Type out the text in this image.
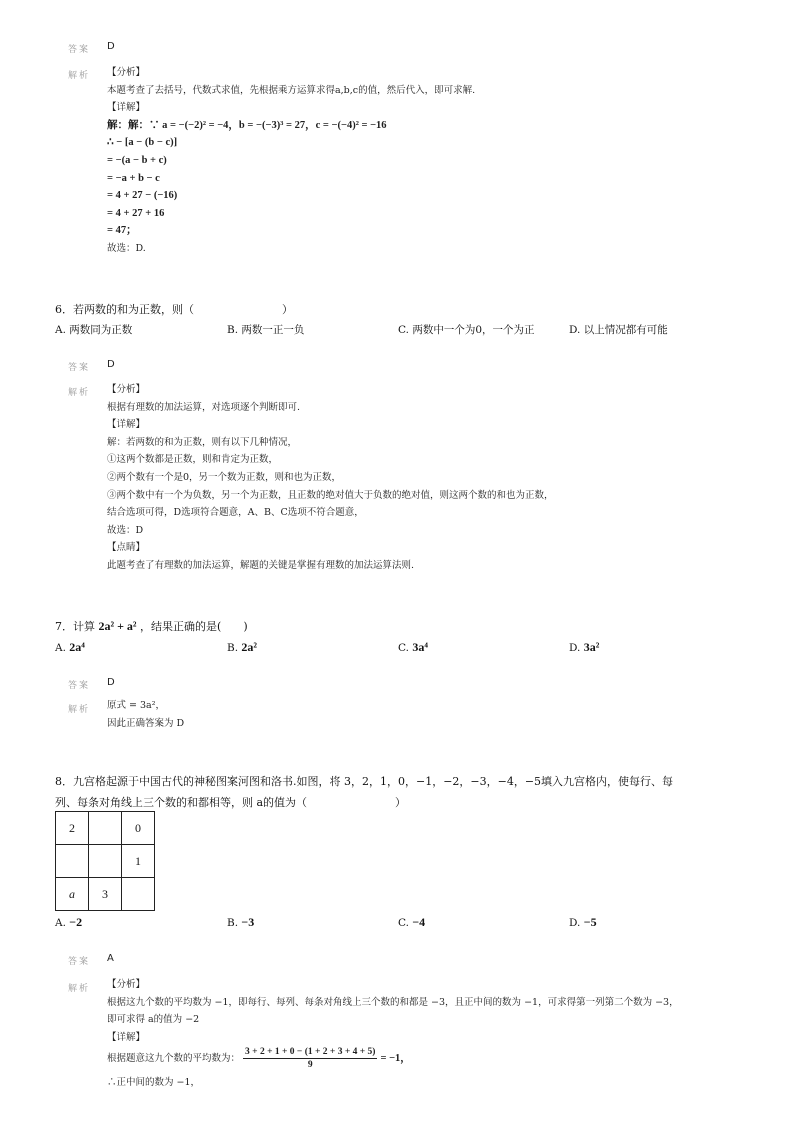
答案 D
解析 【分析】
本题考查了去括号，代数式求值，先根据乘方运算求得a,b,c的值，然后代入，即可求解.
【详解】
解：解：∵ a = −(−2)² = −4，b = −(−3)³ = 27，c = −(−4)² = −16
∴ − [a − (b − c)]
= −(a − b + c)
= −a + b − c
= 4 + 27 − (−16)
= 4 + 27 + 16
= 47；
故选：D.
6．若两数的和为正数，则（　　　　　　　　）
A. 两数同为正数	B. 两数一正一负	C. 两数中一个为0，一个为正	D. 以上情况都有可能
答案 D
解析 【分析】
根据有理数的加法运算，对选项逐个判断即可.
【详解】
解：若两数的和为正数，则有以下几种情况，
①这两个数都是正数，则和肯定为正数，
②两个数有一个是0，另一个数为正数，则和也为正数，
③两个数中有一个为负数，另一个为正数，且正数的绝对值大于负数的绝对值，则这两个数的和也为正数，
结合选项可得，D选项符合题意，A、B、C选项不符合题意，
故选：D
【点睛】
此题考查了有理数的加法运算，解题的关键是掌握有理数的加法运算法则.
7．计算 2a² + a² ，结果正确的是(　　)
A. 2a⁴	B. 2a²	C. 3a⁴	D. 3a²
答案 D
解析 原式 = 3a²，
因此正确答案为 D
8．九宫格起源于中国古代的神秘图案河图和洛书.如图，将 3，2，1，0，−1，−2，−3，−4，−5填入九宫格内，使每行、每
列、每条对角线上三个数的和都相等，则 a的值为（　　　　　　　　）
2		0
		1
a	3	
A. −2	B. −3	C. −4	D. −5
答案 A
解析 【分析】
根据这九个数的平均数为 −1，即每行、每列、每条对角线上三个数的和都是 −3，且正中间的数为 −1，可求得第一列第二个数为 −3，
即可求得 a的值为 −2
【详解】
根据题意这九个数的平均数为： $\frac{3 + 2 + 1 + 0 - (1 + 2 + 3 + 4 + 5)}{9} = -1$，
∴正中间的数为 −1，
